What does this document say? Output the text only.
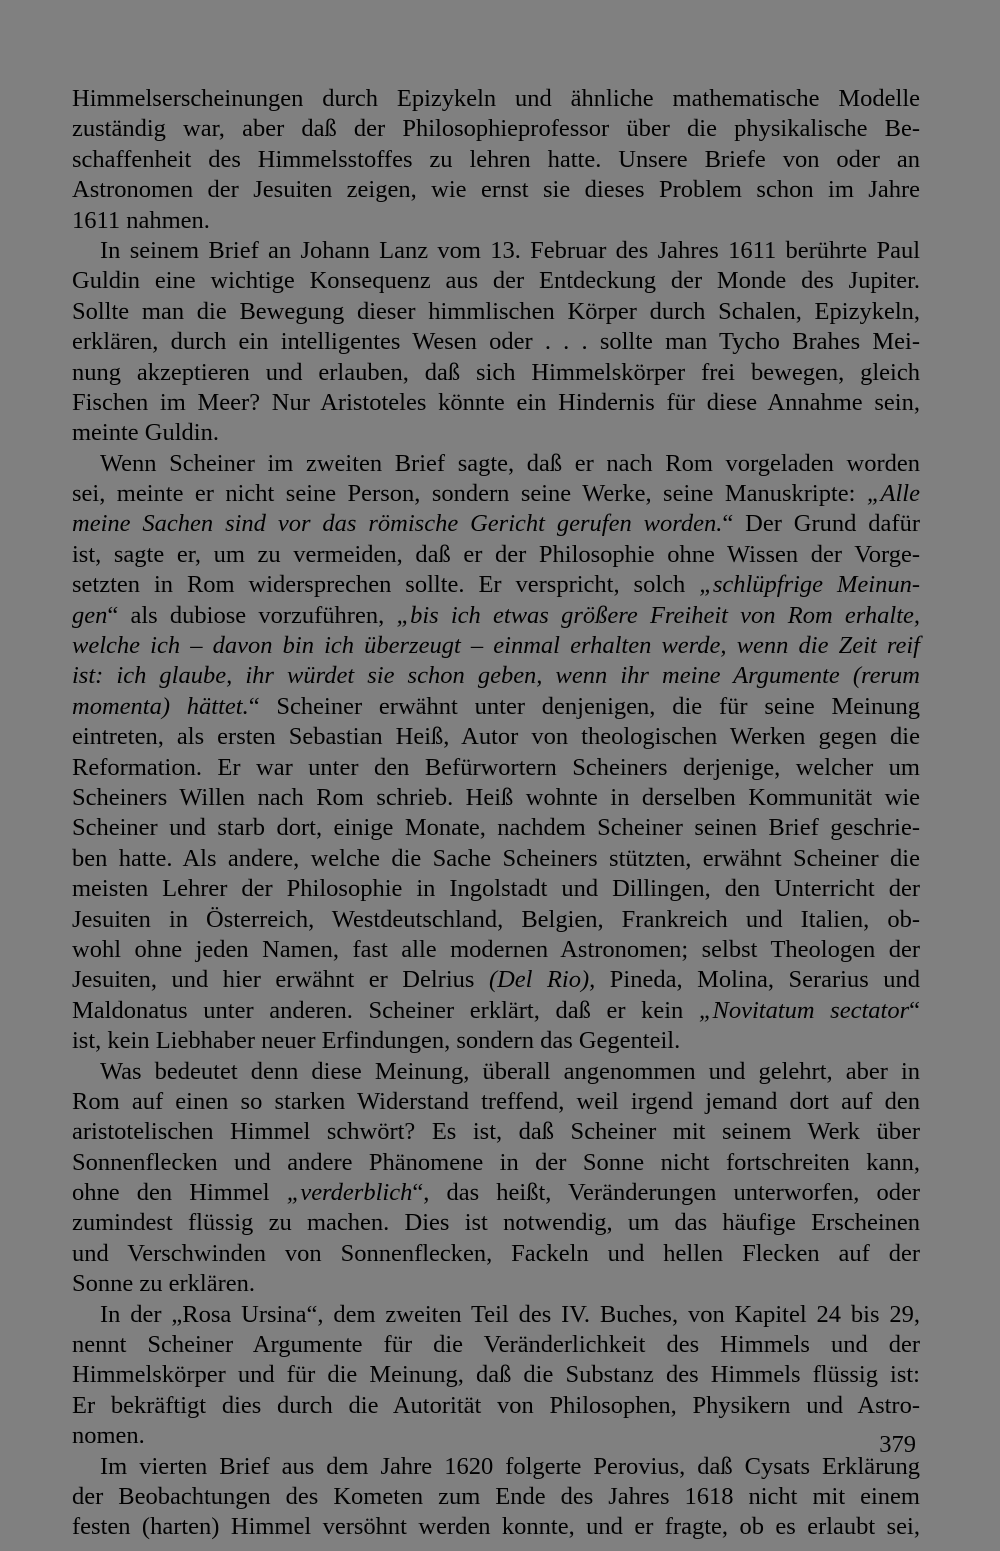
Himmelserscheinungen durch Epizykeln und ähnliche mathematische Modelle
zuständig war, aber daß der Philosophieprofessor über die physikalische Be-
schaffenheit des Himmelsstoffes zu lehren hatte. Unsere Briefe von oder an
Astronomen der Jesuiten zeigen, wie ernst sie dieses Problem schon im Jahre
1611 nahmen.
In seinem Brief an Johann Lanz vom 13. Februar des Jahres 1611 berührte Paul
Guldin eine wichtige Konsequenz aus der Entdeckung der Monde des Jupiter.
Sollte man die Bewegung dieser himmlischen Körper durch Schalen, Epizykeln,
erklären, durch ein intelligentes Wesen oder . . . sollte man Tycho Brahes Mei-
nung akzeptieren und erlauben, daß sich Himmelskörper frei bewegen, gleich
Fischen im Meer? Nur Aristoteles könnte ein Hindernis für diese Annahme sein,
meinte Guldin.
Wenn Scheiner im zweiten Brief sagte, daß er nach Rom vorgeladen worden
sei, meinte er nicht seine Person, sondern seine Werke, seine Manuskripte: „Alle
meine Sachen sind vor das römische Gericht gerufen worden.“ Der Grund dafür
ist, sagte er, um zu vermeiden, daß er der Philosophie ohne Wissen der Vorge-
setzten in Rom widersprechen sollte. Er verspricht, solch „schlüpfrige Meinun-
gen“ als dubiose vorzuführen, „bis ich etwas größere Freiheit von Rom erhalte,
welche ich – davon bin ich überzeugt – einmal erhalten werde, wenn die Zeit reif
ist: ich glaube, ihr würdet sie schon geben, wenn ihr meine Argumente (rerum
momenta) hättet.“ Scheiner erwähnt unter denjenigen, die für seine Meinung
eintreten, als ersten Sebastian Heiß, Autor von theologischen Werken gegen die
Reformation. Er war unter den Befürwortern Scheiners derjenige, welcher um
Scheiners Willen nach Rom schrieb. Heiß wohnte in derselben Kommunität wie
Scheiner und starb dort, einige Monate, nachdem Scheiner seinen Brief geschrie-
ben hatte. Als andere, welche die Sache Scheiners stützten, erwähnt Scheiner die
meisten Lehrer der Philosophie in Ingolstadt und Dillingen, den Unterricht der
Jesuiten in Österreich, Westdeutschland, Belgien, Frankreich und Italien, ob-
wohl ohne jeden Namen, fast alle modernen Astronomen; selbst Theologen der
Jesuiten, und hier erwähnt er Delrius (Del Rio), Pineda, Molina, Serarius und
Maldonatus unter anderen. Scheiner erklärt, daß er kein „Novitatum sectator“
ist, kein Liebhaber neuer Erfindungen, sondern das Gegenteil.
Was bedeutet denn diese Meinung, überall angenommen und gelehrt, aber in
Rom auf einen so starken Widerstand treffend, weil irgend jemand dort auf den
aristotelischen Himmel schwört? Es ist, daß Scheiner mit seinem Werk über
Sonnenflecken und andere Phänomene in der Sonne nicht fortschreiten kann,
ohne den Himmel „verderblich“, das heißt, Veränderungen unterworfen, oder
zumindest flüssig zu machen. Dies ist notwendig, um das häufige Erscheinen
und Verschwinden von Sonnenflecken, Fackeln und hellen Flecken auf der
Sonne zu erklären.
In der „Rosa Ursina“, dem zweiten Teil des IV. Buches, von Kapitel 24 bis 29,
nennt Scheiner Argumente für die Veränderlichkeit des Himmels und der
Himmelskörper und für die Meinung, daß die Substanz des Himmels flüssig ist:
Er bekräftigt dies durch die Autorität von Philosophen, Physikern und Astro-
nomen.
Im vierten Brief aus dem Jahre 1620 folgerte Perovius, daß Cysats Erklärung
der Beobachtungen des Kometen zum Ende des Jahres 1618 nicht mit einem
festen (harten) Himmel versöhnt werden konnte, und er fragte, ob es erlaubt sei,
379
